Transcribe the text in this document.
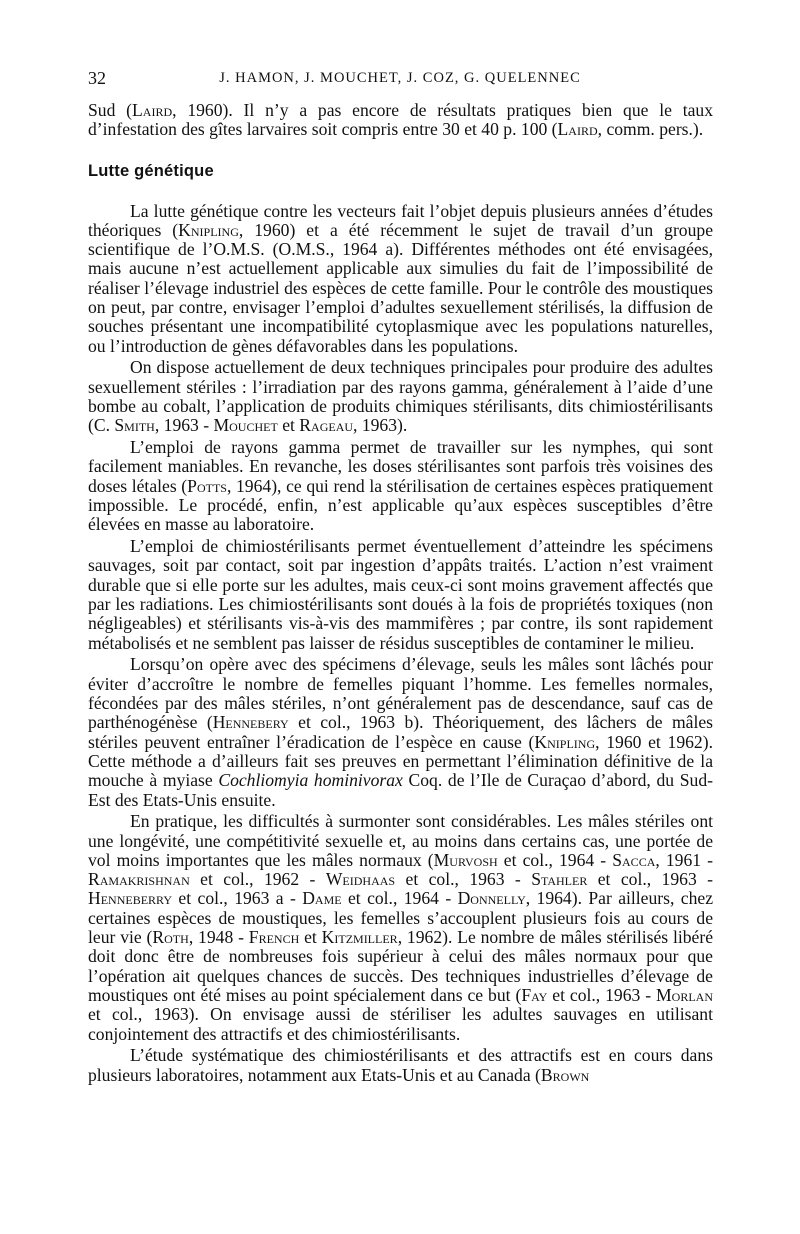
32	J. HAMON, J. MOUCHET, J. COZ, G. QUELENNEC

Sud (Laird, 1960). Il n’y a pas encore de résultats pratiques bien que le taux d’infestation des gîtes larvaires soit compris entre 30 et 40 p. 100 (Laird, comm. pers.).

Lutte génétique

La lutte génétique contre les vecteurs fait l’objet depuis plusieurs années d’études théoriques (Knipling, 1960) et a été récemment le sujet de travail d’un groupe scientifique de l’O.M.S. (O.M.S., 1964 a). Différentes méthodes ont été envisagées, mais aucune n’est actuellement applicable aux simulies du fait de l’impossibilité de réaliser l’élevage industriel des espèces de cette famille. Pour le contrôle des moustiques on peut, par contre, envisager l’emploi d’adultes sexuellement stérilisés, la diffusion de souches présentant une incompatibilité cytoplasmique avec les populations naturelles, ou l’introduction de gènes défavorables dans les populations.

On dispose actuellement de deux techniques principales pour produire des adultes sexuellement stériles : l’irradiation par des rayons gamma, généralement à l’aide d’une bombe au cobalt, l’application de produits chimiques stérilisants, dits chimiostérilisants (C. Smith, 1963 - Mouchet et Rageau, 1963).

L’emploi de rayons gamma permet de travailler sur les nymphes, qui sont facilement maniables. En revanche, les doses stérilisantes sont parfois très voisines des doses létales (Potts, 1964), ce qui rend la stérilisation de certaines espèces pratiquement impossible. Le procédé, enfin, n’est applicable qu’aux espèces susceptibles d’être élevées en masse au laboratoire.

L’emploi de chimiostérilisants permet éventuellement d’atteindre les spécimens sauvages, soit par contact, soit par ingestion d’appâts traités. L’action n’est vraiment durable que si elle porte sur les adultes, mais ceux-ci sont moins gravement affectés que par les radiations. Les chimiostérilisants sont doués à la fois de propriétés toxiques (non négligeables) et stérilisants vis-à-vis des mammifères ; par contre, ils sont rapidement métabolisés et ne semblent pas laisser de résidus susceptibles de contaminer le milieu.

Lorsqu’on opère avec des spécimens d’élevage, seuls les mâles sont lâchés pour éviter d’accroître le nombre de femelles piquant l’homme. Les femelles normales, fécondées par des mâles stériles, n’ont généralement pas de descendance, sauf cas de parthénogénèse (Hennebery et col., 1963 b). Théoriquement, des lâchers de mâles stériles peuvent entraîner l’éradication de l’espèce en cause (Knipling, 1960 et 1962). Cette méthode a d’ailleurs fait ses preuves en permettant l’élimination définitive de la mouche à myiase Cochliomyia hominivorax Coq. de l’Ile de Curaçao d’abord, du Sud-Est des Etats-Unis ensuite.

En pratique, les difficultés à surmonter sont considérables. Les mâles stériles ont une longévité, une compétitivité sexuelle et, au moins dans certains cas, une portée de vol moins importantes que les mâles normaux (Murvosh et col., 1964 - Sacca, 1961 - Ramakrishnan et col., 1962 - Weidhaas et col., 1963 - Stahler et col., 1963 - Henneberry et col., 1963 a - Dame et col., 1964 - Donnelly, 1964). Par ailleurs, chez certaines espèces de moustiques, les femelles s’accouplent plusieurs fois au cours de leur vie (Roth, 1948 - French et Kitzmiller, 1962). Le nombre de mâles stérilisés libéré doit donc être de nombreuses fois supérieur à celui des mâles normaux pour que l’opération ait quelques chances de succès. Des techniques industrielles d’élevage de moustiques ont été mises au point spécialement dans ce but (Fay et col., 1963 - Morlan et col., 1963). On envisage aussi de stériliser les adultes sauvages en utilisant conjointement des attractifs et des chimiostérilisants.

L’étude systématique des chimiostérilisants et des attractifs est en cours dans plusieurs laboratoires, notamment aux Etats-Unis et au Canada (Brown
